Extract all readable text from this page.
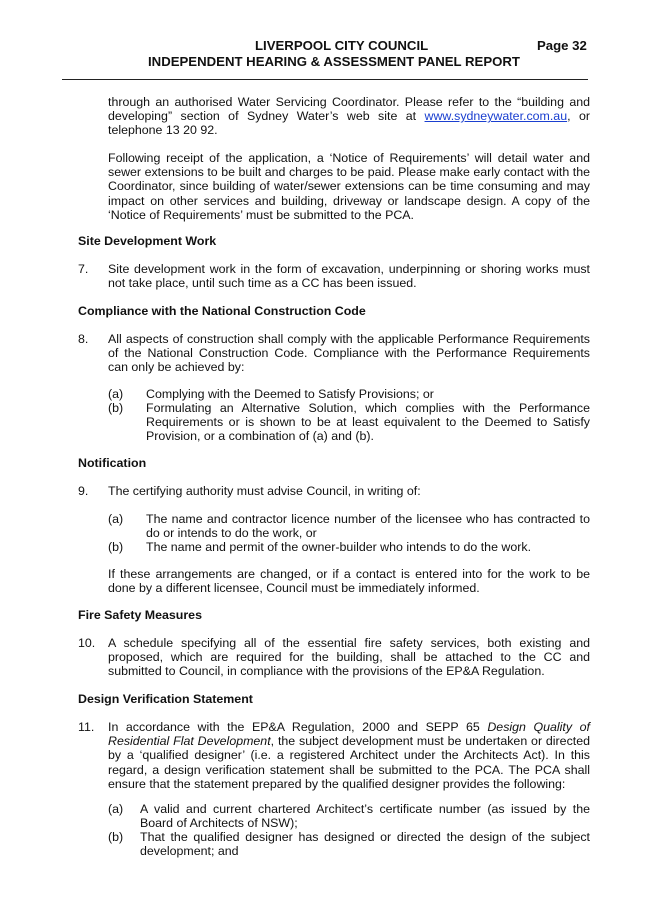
LIVERPOOL CITY COUNCIL	Page 32
INDEPENDENT HEARING & ASSESSMENT PANEL REPORT
through an authorised Water Servicing Coordinator. Please refer to the “building and developing” section of Sydney Water’s web site at www.sydneywater.com.au, or telephone 13 20 92.
Following receipt of the application, a ‘Notice of Requirements’ will detail water and sewer extensions to be built and charges to be paid. Please make early contact with the Coordinator, since building of water/sewer extensions can be time consuming and may impact on other services and building, driveway or landscape design. A copy of the ‘Notice of Requirements’ must be submitted to the PCA.
Site Development Work
7. Site development work in the form of excavation, underpinning or shoring works must not take place, until such time as a CC has been issued.
Compliance with the National Construction Code
8. All aspects of construction shall comply with the applicable Performance Requirements of the National Construction Code. Compliance with the Performance Requirements can only be achieved by:
(a) Complying with the Deemed to Satisfy Provisions; or
(b) Formulating an Alternative Solution, which complies with the Performance Requirements or is shown to be at least equivalent to the Deemed to Satisfy Provision, or a combination of (a) and (b).
Notification
9. The certifying authority must advise Council, in writing of:
(a) The name and contractor licence number of the licensee who has contracted to do or intends to do the work, or
(b) The name and permit of the owner-builder who intends to do the work.
If these arrangements are changed, or if a contact is entered into for the work to be done by a different licensee, Council must be immediately informed.
Fire Safety Measures
10. A schedule specifying all of the essential fire safety services, both existing and proposed, which are required for the building, shall be attached to the CC and submitted to Council, in compliance with the provisions of the EP&A Regulation.
Design Verification Statement
11. In accordance with the EP&A Regulation, 2000 and SEPP 65 Design Quality of Residential Flat Development, the subject development must be undertaken or directed by a ‘qualified designer’ (i.e. a registered Architect under the Architects Act). In this regard, a design verification statement shall be submitted to the PCA. The PCA shall ensure that the statement prepared by the qualified designer provides the following:
(a) A valid and current chartered Architect’s certificate number (as issued by the Board of Architects of NSW);
(b) That the qualified designer has designed or directed the design of the subject development; and
